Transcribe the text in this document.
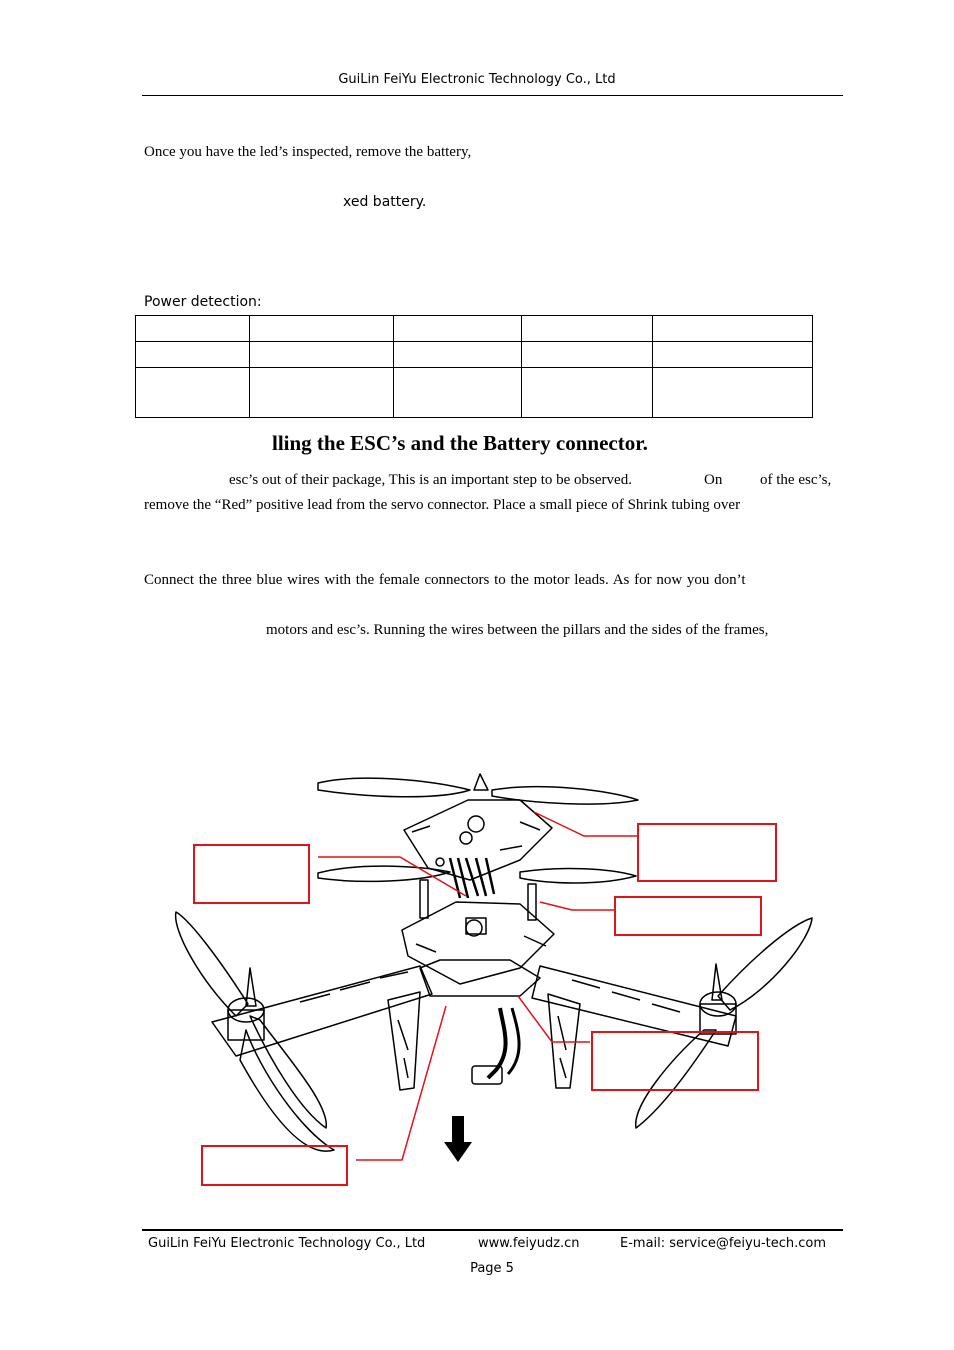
GuiLin FeiYu Electronic Technology Co., Ltd
Once you have the led’s inspected, remove the battery,
xed battery.
Power detection:

lling the ESC’s and the Battery connector.
esc’s out of their package, This is an important step to be observed.	On	of the esc’s,
remove the “Red” positive lead from the servo connector. Place a small piece of Shrink tubing over
Connect the three blue wires with the female connectors to the motor leads. As for now you don’t
motors and esc’s. Running the wires between the pillars and the sides of the frames,
GuiLin FeiYu Electronic Technology Co., Ltd	www.feiyudz.cn	E-mail: service@feiyu-tech.com
Page 5
